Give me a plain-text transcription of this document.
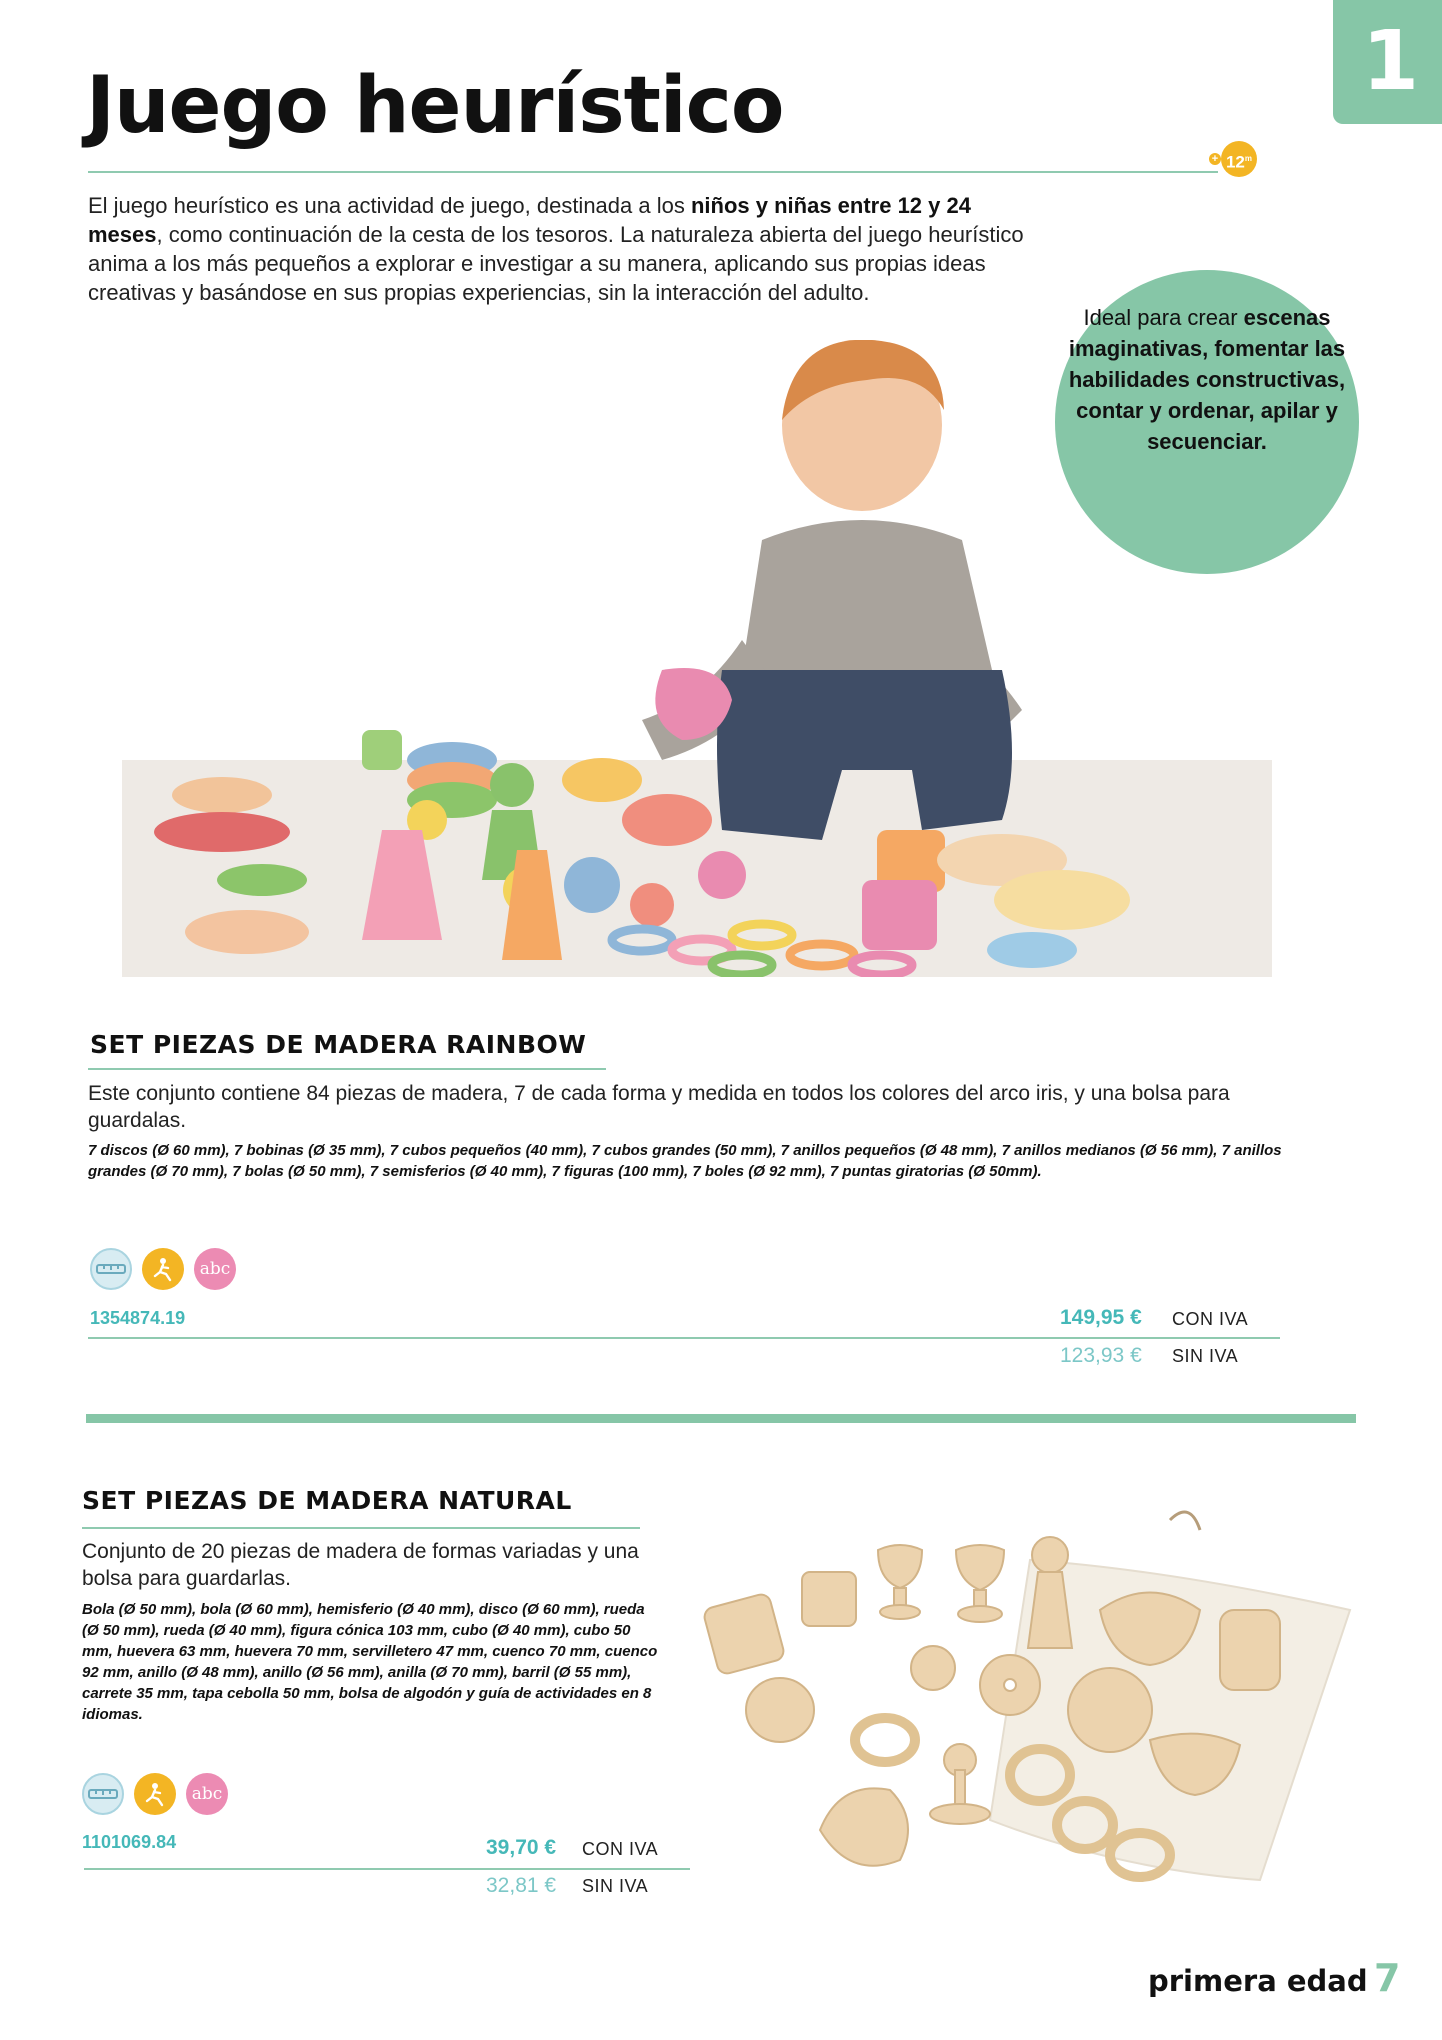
1
Juego heurístico
+ $12^m$

El juego heurístico es una actividad de juego, destinada a los niños y niñas entre 12 y 24 meses, como continuación de la cesta de los tesoros. La naturaleza abierta del juego heurístico anima a los más pequeños a explorar e investigar a su manera, aplicando sus propias ideas creativas y basándose en sus propias experiencias, sin la interacción del adulto.

Ideal para crear escenas imaginativas, fomentar las habilidades constructivas, contar y ordenar, apilar y secuenciar.
SET PIEZAS DE MADERA RAINBOW

Este conjunto contiene 84 piezas de madera, 7 de cada forma y medida en todos los colores del arco iris, y una bolsa para guardalas.

7 discos (Ø 60 mm), 7 bobinas (Ø 35 mm), 7 cubos pequeños (40 mm), 7 cubos grandes (50 mm), 7 anillos pequeños (Ø 48 mm), 7 anillos medianos (Ø 56 mm), 7 anillos grandes (Ø 70 mm), 7 bolas (Ø 50 mm), 7 semisferios (Ø 40 mm), 7 figuras (100 mm), 7 boles (Ø 92 mm), 7 puntas giratorias (Ø 50mm).

abc
1354874.19	149,95 € CON IVA
123,93 € SIN IVA
SET PIEZAS DE MADERA NATURAL

Conjunto de 20 piezas de madera de formas variadas y una bolsa para guardarlas.

Bola (Ø 50 mm), bola (Ø 60 mm), hemisferio (Ø 40 mm), disco (Ø 60 mm), rueda (Ø 50 mm), rueda (Ø 40 mm), figura cónica 103 mm, cubo (Ø 40 mm), cubo 50 mm, huevera 63 mm, huevera 70 mm, servilletero 47 mm, cuenco 70 mm, cuenco 92 mm, anillo (Ø 48 mm), anillo (Ø 56 mm), anilla (Ø 70 mm), barril (Ø 55 mm), carrete 35 mm, tapa cebolla 50 mm, bolsa de algodón y guía de actividades en 8 idiomas.

abc
1101069.84	39,70 € CON IVA
32,81 € SIN IVA
primera edad 7
